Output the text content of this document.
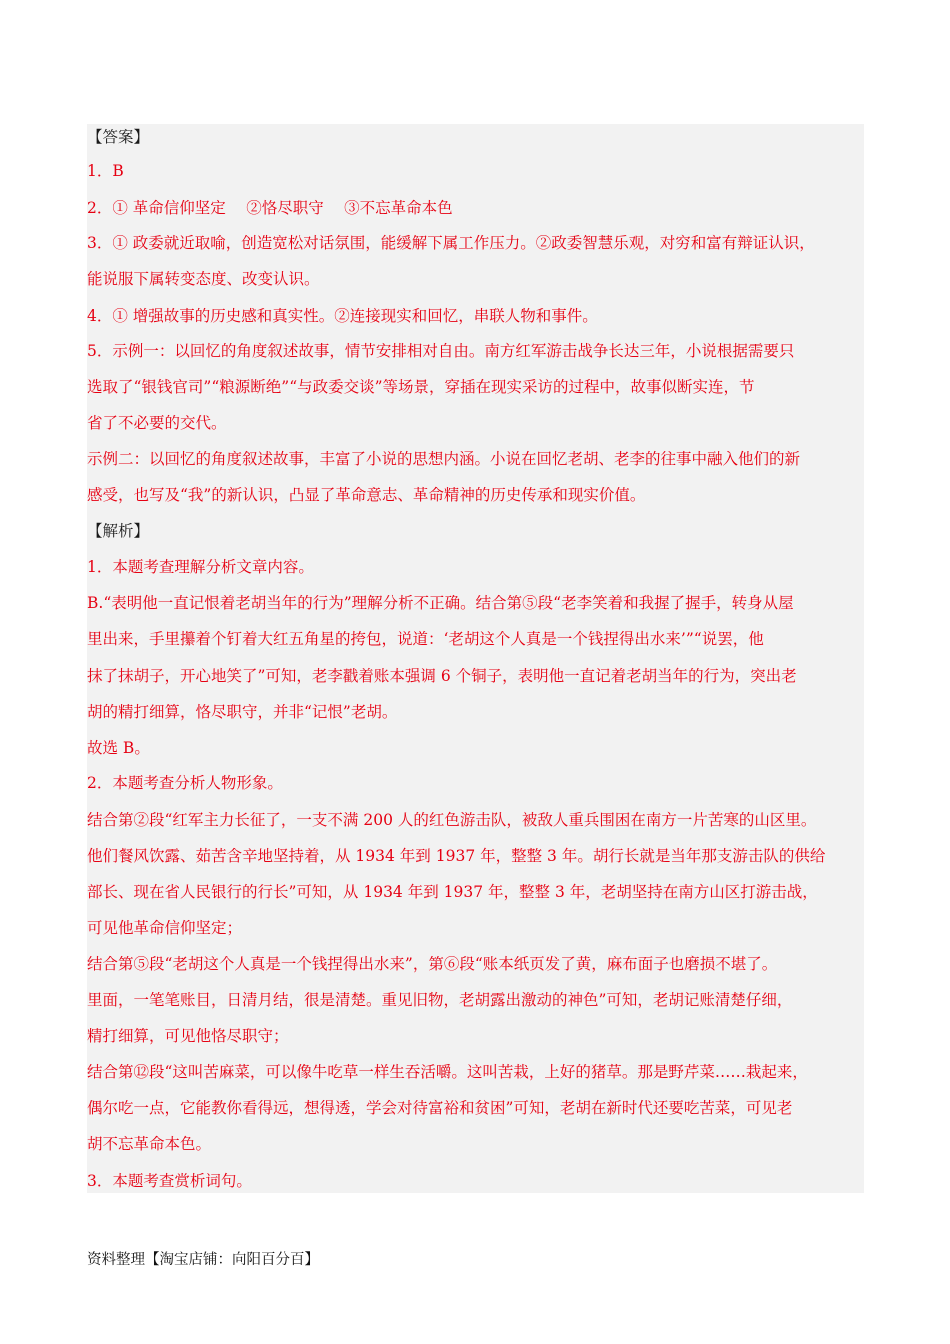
【答案】
1．B
2．① 革命信仰坚定　 ②恪尽职守　 ③不忘革命本色
3．① 政委就近取喻，创造宽松对话氛围，能缓解下属工作压力。②政委智慧乐观，对穷和富有辩证认识，
能说服下属转变态度、改变认识。
4．① 增强故事的历史感和真实性。②连接现实和回忆，串联人物和事件。
5．示例一：以回忆的角度叙述故事，情节安排相对自由。南方红军游击战争长达三年，小说根据需要只
选取了“银钱官司”“粮源断绝”“与政委交谈”等场景，穿插在现实采访的过程中，故事似断实连，节
省了不必要的交代。
示例二：以回忆的角度叙述故事，丰富了小说的思想内涵。小说在回忆老胡、老李的往事中融入他们的新
感受，也写及“我”的新认识，凸显了革命意志、革命精神的历史传承和现实价值。
【解析】
1．本题考查理解分析文章内容。
B.“表明他一直记恨着老胡当年的行为”理解分析不正确。结合第⑤段“老李笑着和我握了握手，转身从屋
里出来，手里攥着个钉着大红五角星的挎包，说道：‘老胡这个人真是一个钱捏得出水来’”“说罢，他
抹了抹胡子，开心地笑了”可知，老李戳着账本强调 6 个铜子，表明他一直记着老胡当年的行为，突出老
胡的精打细算，恪尽职守，并非“记恨”老胡。
故选 B。
2．本题考查分析人物形象。
结合第②段“红军主力长征了，一支不满 200 人的红色游击队，被敌人重兵围困在南方一片苦寒的山区里。
他们餐风饮露、茹苦含辛地坚持着，从 1934 年到 1937 年，整整 3 年。胡行长就是当年那支游击队的供给
部长、现在省人民银行的行长”可知，从 1934 年到 1937 年，整整 3 年，老胡坚持在南方山区打游击战，
可见他革命信仰坚定；
结合第⑤段“老胡这个人真是一个钱捏得出水来”，第⑥段“账本纸页发了黄，麻布面子也磨损不堪了。
里面，一笔笔账目，日清月结，很是清楚。重见旧物，老胡露出激动的神色”可知，老胡记账清楚仔细，
精打细算，可见他恪尽职守；
结合第⑫段“这叫苦麻菜，可以像牛吃草一样生吞活嚼。这叫苦栽，上好的猪草。那是野芹菜……栽起来，
偶尔吃一点，它能教你看得远，想得透，学会对待富裕和贫困”可知，老胡在新时代还要吃苦菜，可见老
胡不忘革命本色。
3．本题考查赏析词句。
资料整理【淘宝店铺：向阳百分百】
